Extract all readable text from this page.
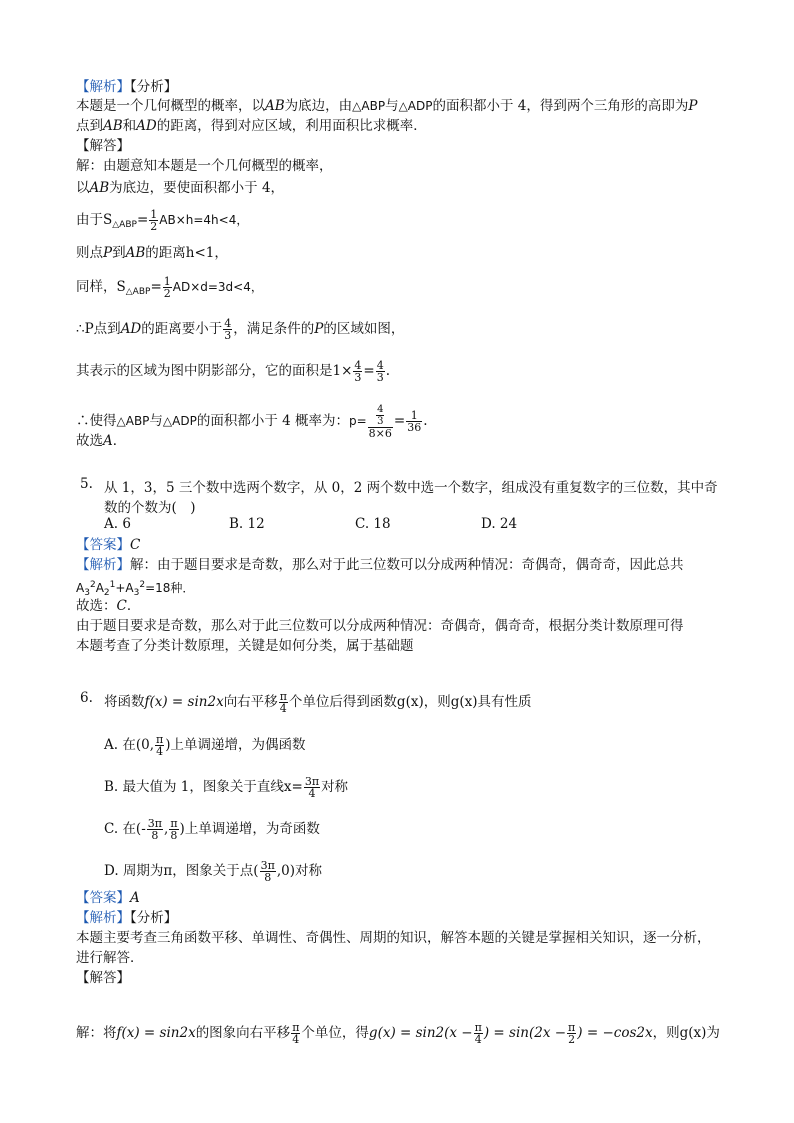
【解析】【分析】
本题是一个几何概型的概率，以AB为底边，由△ABP与△ADP的面积都小于 4，得到两个三角形的高即为P
点到AB和AD的距离，得到对应区域，利用面积比求概率．
【解答】
解：由题意知本题是一个几何概型的概率，
以AB为底边，要使面积都小于 4，
由于$S_{\triangle ABP}= \frac{1}{2} AB\times h=4h<4$，
则点P到AB的距离h<1，
同样，$S_{\triangle ABP}= \frac{1}{2} AD\times d=3d<4$，
∴P点到AD的距离要小于 $\frac{4}{3}$ ，满足条件的P的区域如图，
其表示的区域为图中阴影部分，它的面积是$1\times \frac{4}{3} = \frac{4}{3}$ .
∴使得△ABP与△ADP的面积都小于 4 概率为：$p= \frac{\frac{4}{3}}{8\times 6} = \frac{1}{36}$ .
故选A．
5. 从 1，3，5 三个数中选两个数字，从 0，2 两个数中选一个数字，组成没有重复数字的三位数，其中奇
数的个数为(　)
A. 6	B. 12	C. 18	D. 24
【答案】C
【解析】解：由于题目要求是奇数，那么对于此三位数可以分成两种情况：奇偶奇，偶奇奇，因此总共
$A_3^2A_2^1+A_3^2=18$种．
故选：C．
由于题目要求是奇数，那么对于此三位数可以分成两种情况：奇偶奇，偶奇奇，根据分类计数原理可得
本题考查了分类计数原理，关键是如何分类，属于基础题
6. 将函数f(x) = sin2x向右平移 $\frac{\pi}{4}$ 个单位后得到函数g(x)，则g(x)具有性质
A. 在(0, $\frac{\pi}{4}$ )上单调递增，为偶函数
B. 最大值为 1，图象关于直线$x= \frac{3\pi}{4}$ 对称
C. 在(- $\frac{3\pi}{8}$ , $\frac{\pi}{8}$ )上单调递增，为奇函数
D. 周期为π，图象关于点( $\frac{3\pi}{8} ,0$)对称
【答案】A
【解析】【分析】
本题主要考查三角函数平移、单调性、奇偶性、周期的知识，解答本题的关键是掌握相关知识，逐一分析，
进行解答．
【解答】
解：将f(x) = sin2x的图象向右平移 $\frac{\pi}{4}$ 个单位，得$g(x) = \sin 2(x - \frac{\pi}{4}$ ) = $\sin(2x - \frac{\pi}{2}$ ) = −cos2x，则g(x)为
